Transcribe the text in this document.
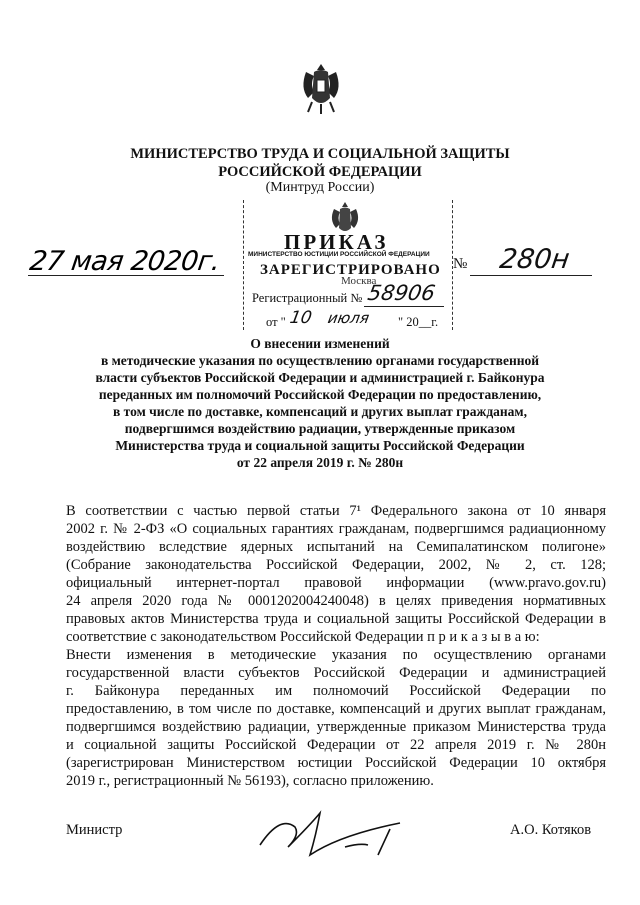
МИНИСТЕРСТВО ТРУДА И СОЦИАЛЬНОЙ ЗАЩИТЫ
РОССИЙСКОЙ ФЕДЕРАЦИИ
(Минтруд России)
ПРИКАЗ
МИНИСТЕРСТВО ЮСТИЦИИ РОССИЙСКОЙ ФЕДЕРАЦИИ
27 мая 2020г.	ЗАРЕГИСТРИРОВАНО
Москва
№ 280н
Регистрационный № 58906
от " 10 июля " 20__г.
О внесении изменений
в методические указания по осуществлению органами государственной
власти субъектов Российской Федерации и администрацией г. Байконура
переданных им полномочий Российской Федерации по предоставлению,
в том числе по доставке, компенсаций и других выплат гражданам,
подвергшимся воздействию радиации, утвержденные приказом
Министерства труда и социальной защиты Российской Федерации
от 22 апреля 2019 г. № 280н
В соответствии с частью первой статьи 7¹ Федерального закона от 10 января
2002 г. № 2-ФЗ «О социальных гарантиях гражданам, подвергшимся радиационному
воздействию вследствие ядерных испытаний на Семипалатинском полигоне»
(Собрание законодательства Российской Федерации, 2002, № 2, ст. 128;
официальный интернет-портал правовой информации (www.pravo.gov.ru)
24 апреля 2020 года № 0001202004240048) в целях приведения нормативных
правовых актов Министерства труда и социальной защиты Российской Федерации в
соответствие с законодательством Российской Федерации п р и к а з ы в а ю:
Внести изменения в методические указания по осуществлению органами
государственной власти субъектов Российской Федерации и администрацией
г. Байконура переданных им полномочий Российской Федерации по
предоставлению, в том числе по доставке, компенсаций и других выплат гражданам,
подвергшимся воздействию радиации, утвержденные приказом Министерства труда
и социальной защиты Российской Федерации от 22 апреля 2019 г. № 280н
(зарегистрирован Министерством юстиции Российской Федерации 10 октября
2019 г., регистрационный № 56193), согласно приложению.
Министр	А.О. Котяков
